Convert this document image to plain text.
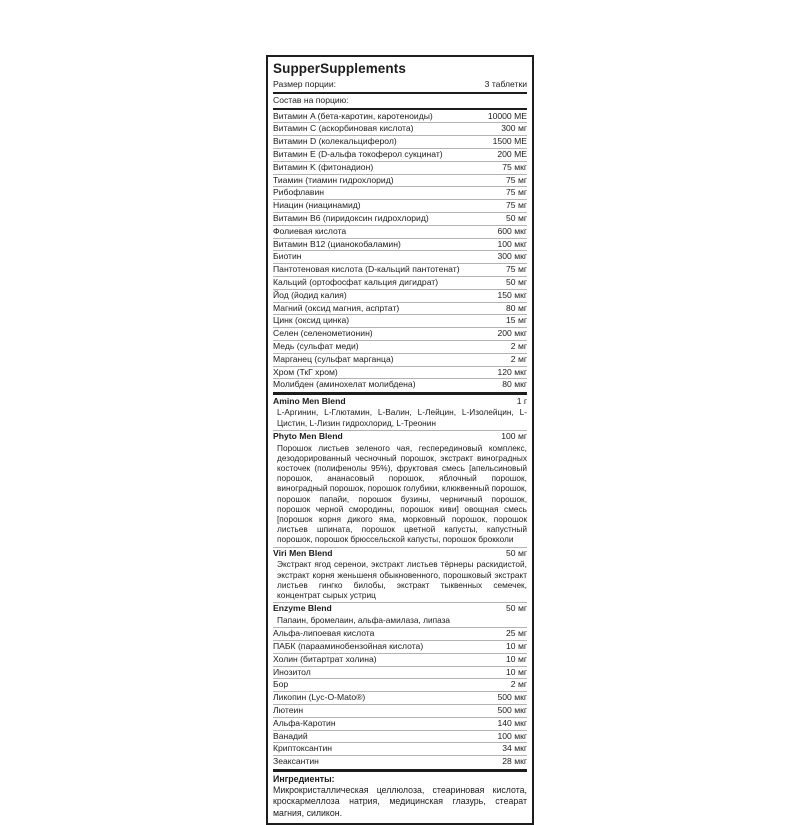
SupperSupplements
Размер порции:	3 таблетки
Состав на порцию:
Витамин A (бета-каротин, каротеноиды)	10000 МЕ
Витамин C (аскорбиновая кислота)	300 мг
Витамин D (колекальциферол)	1500 МЕ
Витамин E (D-альфа токоферол сукцинат)	200 МЕ
Витамин K (фитонадион)	75 мкг
Тиамин (тиамин гидрохлорид)	75 мг
Рибофлавин	75 мг
Ниацин (ниацинамид)	75 мг
Витамин B6 (пиридоксин гидрохлорид)	50 мг
Фолиевая кислота	600 мкг
Витамин B12 (цианокобаламин)	100 мкг
Биотин	300 мкг
Пантотеновая кислота (D-кальций пантотенат)	75 мг
Кальций (ортофосфат кальция дигидрат)	50 мг
Йод (йодид калия)	150 мкг
Магний (оксид магния, аспртат)	80 мг
Цинк (оксид цинка)	15 мг
Селен (селенометионин)	200 мкг
Медь (сульфат меди)	2 мг
Марганец (сульфат марганца)	2 мг
Хром (ТкГ хром)	120 мкг
Молибден (аминохелат молибдена)	80 мкг
Amino Men Blend	1 г
L-Аргинин, L-Глютамин, L-Валин, L-Лейцин, L-Изолейцин, L-Цистин, L-Лизин гидрохлорид, L-Треонин
Phyto Men Blend	100 мг
Порошок листьев зеленого чая, гесперединовый комплекс, дезодорированный чесночный порошок, экстракт виноградных косточек (полифенолы 95%), фруктовая смесь [апельсиновый порошок, ананасовый порошок, яблочный порошок, виноградный порошок, порошок голубики, клюквенный порошок, порошок папайи, порошок бузины, черничный порошок, порошок черной смородины, порошок киви] овощная смесь [порошок корня дикого яма, морковный порошок, порошок листьев шпината, порошок цветной капусты, капустный порошок, порошок брюссельской капусты, порошок брокколи
Viri Men Blend	50 мг
Экстракт ягод серенои, экстракт листьев тёрнеры раскидистой, экстракт корня женьшеня обыкновенного, порошковый экстракт листьев гингко билобы, экстракт тыквенных семечек, концентрат сырых устриц
Enzyme Blend	50 мг
Папаин, бромелаин, альфа-амилаза, липаза
Альфа-липоевая кислота	25 мг
ПАБК (парааминобензойная кислота)	10 мг
Холин (битартрат холина)	10 мг
Инозитол	10 мг
Бор	2 мг
Ликопин (Lyc-O-Mato®)	500 мкг
Лютеин	500 мкг
Альфа-Каротин	140 мкг
Ванадий	100 мкг
Криптоксантин	34 мкг
Зеаксантин	28 мкг
Ингредиенты:
Микрокристаллическая целлюлоза, стеариновая кислота, кроскармеллоза натрия, медицинская глазурь, стеарат магния, силикон.
